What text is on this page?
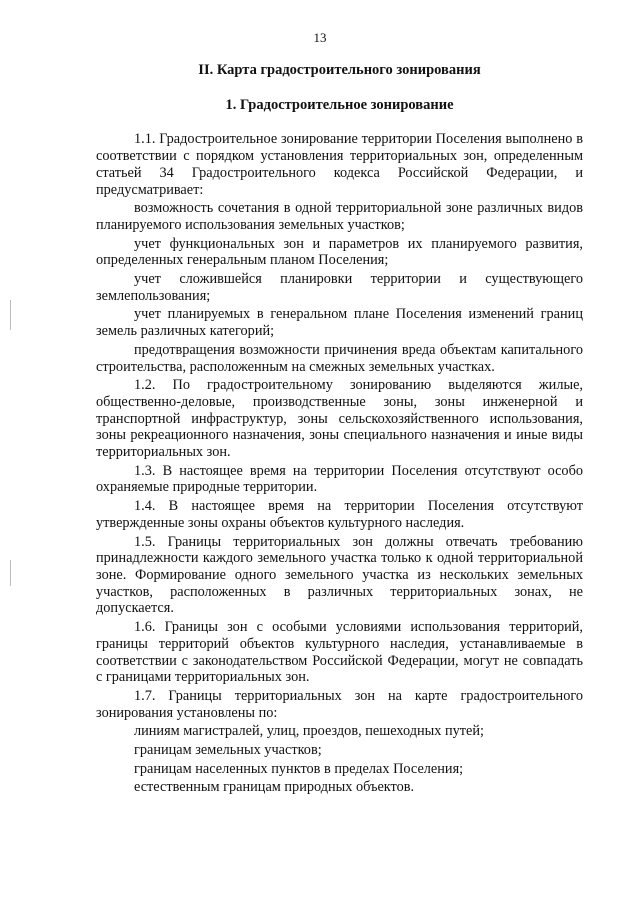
13
II. Карта градостроительного зонирования
1. Градостроительное зонирование

1.1. Градостроительное зонирование территории Поселения выполнено в соответствии с порядком установления территориальных зон, определенным статьей 34 Градостроительного кодекса Российской Федерации, и предусматривает:

возможность сочетания в одной территориальной зоне различных видов планируемого использования земельных участков;

учет функциональных зон и параметров их планируемого развития, определенных генеральным планом Поселения;

учет сложившейся планировки территории и существующего землепользования;

учет планируемых в генеральном плане Поселения изменений границ земель различных категорий;

предотвращения возможности причинения вреда объектам капитального строительства, расположенным на смежных земельных участках.

1.2. По градостроительному зонированию выделяются жилые, общественно-деловые, производственные зоны, зоны инженерной и транспортной инфраструктур, зоны сельскохозяйственного использования, зоны рекреационного назначения, зоны специального назначения и иные виды территориальных зон.

1.3. В настоящее время на территории Поселения отсутствуют особо охраняемые природные территории.

1.4. В настоящее время на территории Поселения отсутствуют утвержденные зоны охраны объектов культурного наследия.

1.5. Границы территориальных зон должны отвечать требованию принадлежности каждого земельного участка только к одной территориальной зоне. Формирование одного земельного участка из нескольких земельных участков, расположенных в различных территориальных зонах, не допускается.

1.6. Границы зон с особыми условиями использования территорий, границы территорий объектов культурного наследия, устанавливаемые в соответствии с законодательством Российской Федерации, могут не совпадать с границами территориальных зон.

1.7. Границы территориальных зон на карте градостроительного зонирования установлены по:

линиям магистралей, улиц, проездов, пешеходных путей;

границам земельных участков;

границам населенных пунктов в пределах Поселения;

естественным границам природных объектов.
